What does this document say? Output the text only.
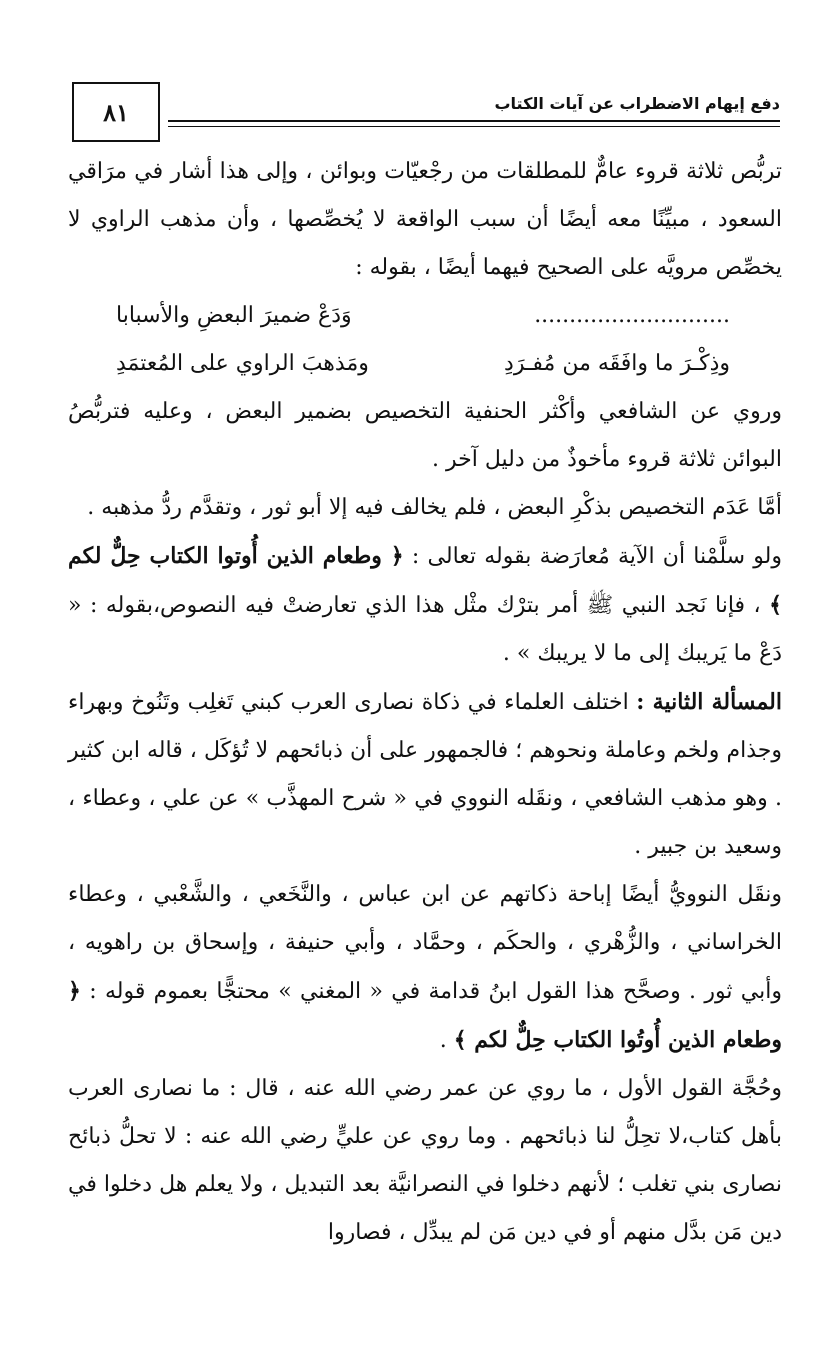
٨١	دفع إيهام الاضطراب عن آيات الكتاب

تربُّص ثلاثة قروء عامٌّ للمطلقات من رجْعيّات وبوائن ، وإلى هذا أشار في مرَاقي السعود ، مبيِّنًا معه أيضًا أن سبب الواقعة لا يُخصِّصها ، وأن مذهب الراوي لا يخصِّص مرويَّه على الصحيح فيهما أيضًا ، بقوله :

............................
وَدَعْ ضميرَ البعضِ والأسبابا
وذِكْـرَ ما وافَقَه من مُفـرَدِ
ومَذهبَ الراوي على المُعتمَدِ

وروي عن الشافعي وأكْثر الحنفية التخصيص بضمير البعض ، وعليه فتربُّصُ البوائن ثلاثة قروء مأخوذٌ من دليل آخر .

أمَّا عَدَم التخصيص بذكْرِ البعض ، فلم يخالف فيه إلا أبو ثور ، وتقدَّم ردُّ مذهبه .

ولو سلَّمْنا أن الآية مُعارَضة بقوله تعالى : ﴿ وطعام الذين أُوتوا الكتاب حِلٌّ لكم ﴾ ، فإنا نَجد النبي ﷺ أمر بترْك مثْل هذا الذي تعارضتْ فيه النصوص،بقوله : « دَعْ ما يَريبك إلى ما لا يريبك » .

المسألة الثانية : اختلف العلماء في ذكاة نصارى العرب كبني تَغلِب وتَنُوخ وبهراء وجذام ولخم وعاملة ونحوهم ؛ فالجمهور على أن ذبائحهم لا تُؤكَل ، قاله ابن كثير . وهو مذهب الشافعي ، ونقَله النووي في « شرح المهذَّب » عن علي ، وعطاء ، وسعيد بن جبير .

ونقَل النوويُّ أيضًا إباحة ذكاتهم عن ابن عباس ، والنَّخَعي ، والشَّعْبي ، وعطاء الخراساني ، والزُّهْري ، والحكَم ، وحمَّاد ، وأبي حنيفة ، وإسحاق بن راهويه ، وأبي ثور . وصحَّح هذا القول ابنُ قدامة في « المغني » محتجًّا بعموم قوله : ﴿ وطعام الذين أُوتُوا الكتاب حِلٌّ لكم ﴾ .

وحُجَّة القول الأول ، ما روي عن عمر رضي الله عنه ، قال : ما نصارى العرب بأهل كتاب،لا تحِلُّ لنا ذبائحهم . وما روي عن عليٍّ رضي الله عنه : لا تحلُّ ذبائح نصارى بني تغلب ؛ لأنهم دخلوا في النصرانيَّة بعد التبديل ، ولا يعلم هل دخلوا في دين مَن بدَّل منهم أو في دين مَن لم يبدِّل ، فصاروا
